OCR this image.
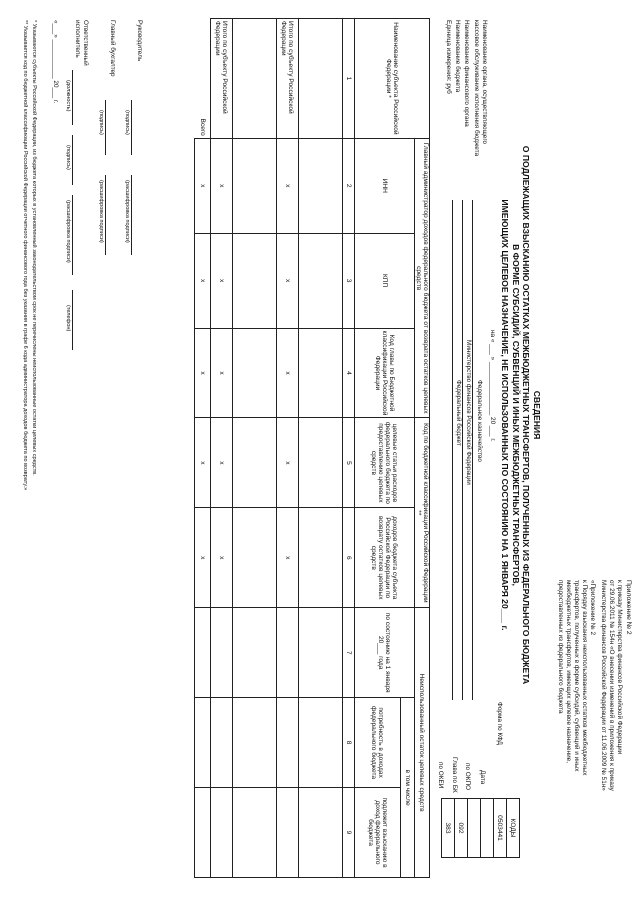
Приложение № 2
к приказу Министерства финансов Российской Федерации
от 29.06.2011 № 154н «О внесении изменений в приложения к приказу
Министерства финансов Российской Федерации от 11.06.2009 № 51н»
«Приложение № 2
к Порядку взыскания неиспользованных остатков межбюджетных
трансфертов, полученных в форме субсидий, субвенций и иных
межбюджетных трансфертов, имеющих целевое назначение,
предоставленных из федерального бюджета
СВЕДЕНИЯ
О ПОДЛЕЖАЩИХ ВЗЫСКАНИЮ ОСТАТКАХ МЕЖБЮДЖЕТНЫХ ТРАНСФЕРТОВ, ПОЛУЧЕННЫХ ИЗ ФЕДЕРАЛЬНОГО БЮДЖЕТА
В ФОРМЕ СУБСИДИЙ, СУБВЕНЦИЙ И ИНЫХ МЕЖБЮДЖЕТНЫХ ТРАНСФЕРТОВ,
ИМЕЮЩИХ ЦЕЛЕВОЕ НАЗНАЧЕНИЕ, НЕ ИСПОЛЬЗОВАННЫХ ПО СОСТОЯНИЮ НА 1 ЯНВАРЯ 20___ г.
на « ___ » _______________ 20 ___ г.
Форма по КФД
Дата
по ОКПО
Глава по БК
по ОКЕИ
КОДЫ
0503441

092
383
Наименование органа, осуществляющего
кассовое обслуживание исполнения бюджета
Федеральное казначейство
Наименование финансового органа
Министерство финансов Российской Федерации
Наименование бюджета
Федеральный бюджет
Единица измерения: руб
Наименование субъекта Российской Федерации *	Главный администратор доходов федерального бюджета от возврата остатков целевых средств			Код по бюджетной классификации Российской Федерации **		Неиспользованный остаток целевых средств		
	ИНН	КПП	Код главы по Бюджетной классификации Российской Федерации	целевые статьи расходов федерального бюджета по предоставлению целевых средств	доходов бюджета субъекта Российской Федерации по возврату остатков целевых средств	по состоянию на 1 января 20___ года	в том числе	
							потребность в доходах федерального бюджета	подлежит взысканию в доход федерального бюджета
1	2	3	4	5	6	7	8	9

Итого по субъекту Российской Федерации	x	x	x	x	x			

Итого по субъекту Российской Федерации	x	x	x	x	x			
Всего	x	x	x	x	x			
Руководитель
(подпись)
(расшифровка подписи)
Главный бухгалтер
(подпись)
(расшифровка подписи)
Ответственный
исполнитель
(должность)
(подпись)
(расшифровка подписи)
(телефон)
«___» ___________ 20___ г.
* Указываются субъекты Российской Федерации, из бюджета которых в установленный законодательством срок не перечислены неиспользованные остатки целевых средств.
** Указывается код по бюджетной классификации Российской Федерации отчетного финансового года без указания в графе 6 кода администратора доходов бюджета по возврату.»
